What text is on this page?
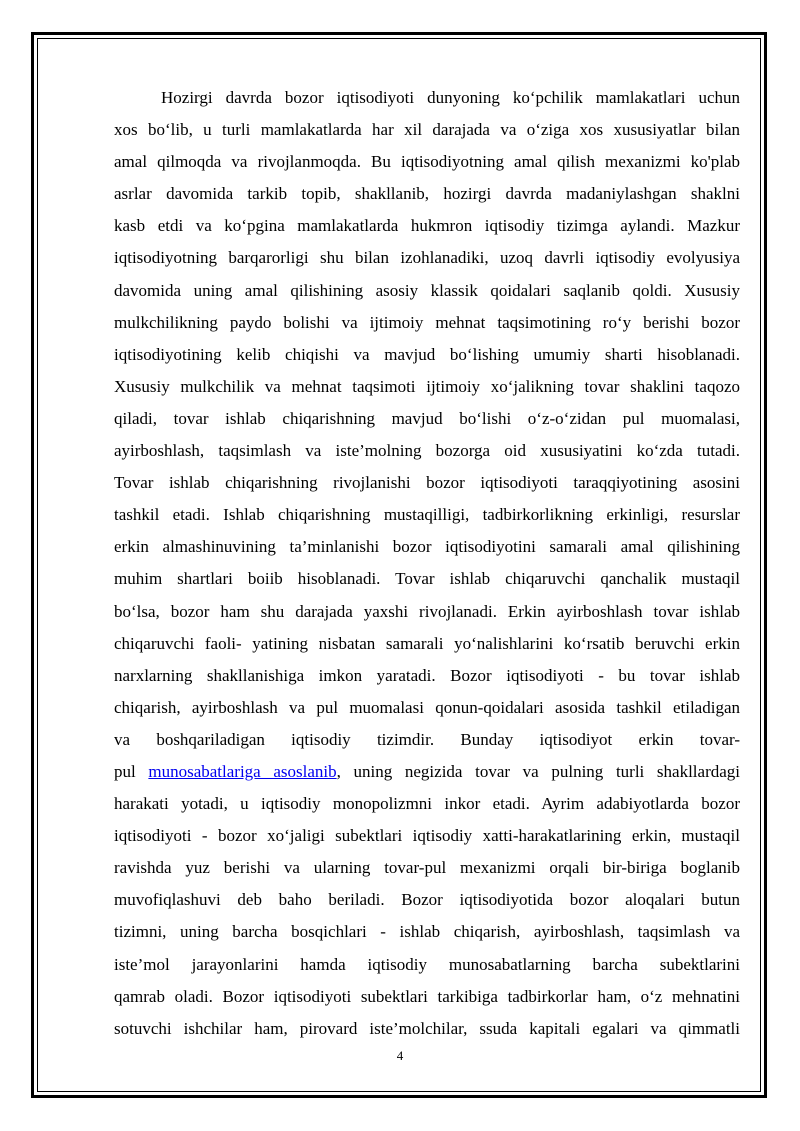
Hozirgi davrda bozor iqtisodiyoti dunyoning ko‘pchilik mamlakatlari uchun
xos bo‘lib, u turli mamlakatlarda har xil darajada va o‘ziga xos xususiyatlar bilan
amal qilmoqda va rivojlanmoqda. Bu iqtisodiyotning amal qilish mexanizmi ko'plab
asrlar davomida tarkib topib, shakllanib, hozirgi davrda madaniylashgan shaklni
kasb etdi va ko‘pgina mamlakatlarda hukmron iqtisodiy tizimga aylandi. Mazkur
iqtisodiyotning barqarorligi shu bilan izohlanadiki, uzoq davrli iqtisodiy evolyusiya
davomida uning amal qilishining asosiy klassik qoidalari saqlanib qoldi. Xususiy
mulkchilikning paydo bolishi va ijtimoiy mehnat taqsimotining ro‘y berishi bozor
iqtisodiyotining kelib chiqishi va mavjud bo‘lishing umumiy sharti hisoblanadi.
Xususiy mulkchilik va mehnat taqsimoti ijtimoiy xo‘jalikning tovar shaklini taqozo
qiladi, tovar ishlab chiqarishning mavjud bo‘lishi o‘z-o‘zidan pul muomalasi,
ayirboshlash, taqsimlash va iste’molning bozorga oid xususiyatini ko‘zda tutadi.
Tovar ishlab chiqarishning rivojlanishi bozor iqtisodiyoti taraqqiyotining asosini
tashkil etadi. Ishlab chiqarishning mustaqilligi, tadbirkorlikning erkinligi, resurslar
erkin almashinuvining ta’minlanishi bozor iqtisodiyotini samarali amal qilishining
muhim shartlari boiib hisoblanadi. Tovar ishlab chiqaruvchi qanchalik mustaqil
bo‘lsa, bozor ham shu darajada yaxshi rivojlanadi. Erkin ayirboshlash tovar ishlab
chiqaruvchi faoli- yatining nisbatan samarali yo‘nalishlarini ko‘rsatib beruvchi erkin
narxlarning shakllanishiga imkon yaratadi. Bozor iqtisodiyoti - bu tovar ishlab
chiqarish, ayirboshlash va pul muomalasi qonun-qoidalari asosida tashkil etiladigan
va boshqariladigan iqtisodiy tizimdir. Bunday iqtisodiyot erkin tovar-
pul munosabatlariga asoslanib, uning negizida tovar va pulning turli shakllardagi
harakati yotadi, u iqtisodiy monopolizmni inkor etadi. Ayrim adabiyotlarda bozor
iqtisodiyoti - bozor xo‘jaligi subektlari iqtisodiy xatti-harakatlarining erkin, mustaqil
ravishda yuz berishi va ularning tovar-pul mexanizmi orqali bir-biriga boglanib
muvofiqlashuvi deb baho beriladi. Bozor iqtisodiyotida bozor aloqalari butun
tizimni, uning barcha bosqichlari - ishlab chiqarish, ayirboshlash, taqsimlash va
iste’mol jarayonlarini hamda iqtisodiy munosabatlarning barcha subektlarini
qamrab oladi. Bozor iqtisodiyoti subektlari tarkibiga tadbirkorlar ham, o‘z mehnatini
sotuvchi ishchilar ham, pirovard iste’molchilar, ssuda kapitali egalari va qimmatli
4
